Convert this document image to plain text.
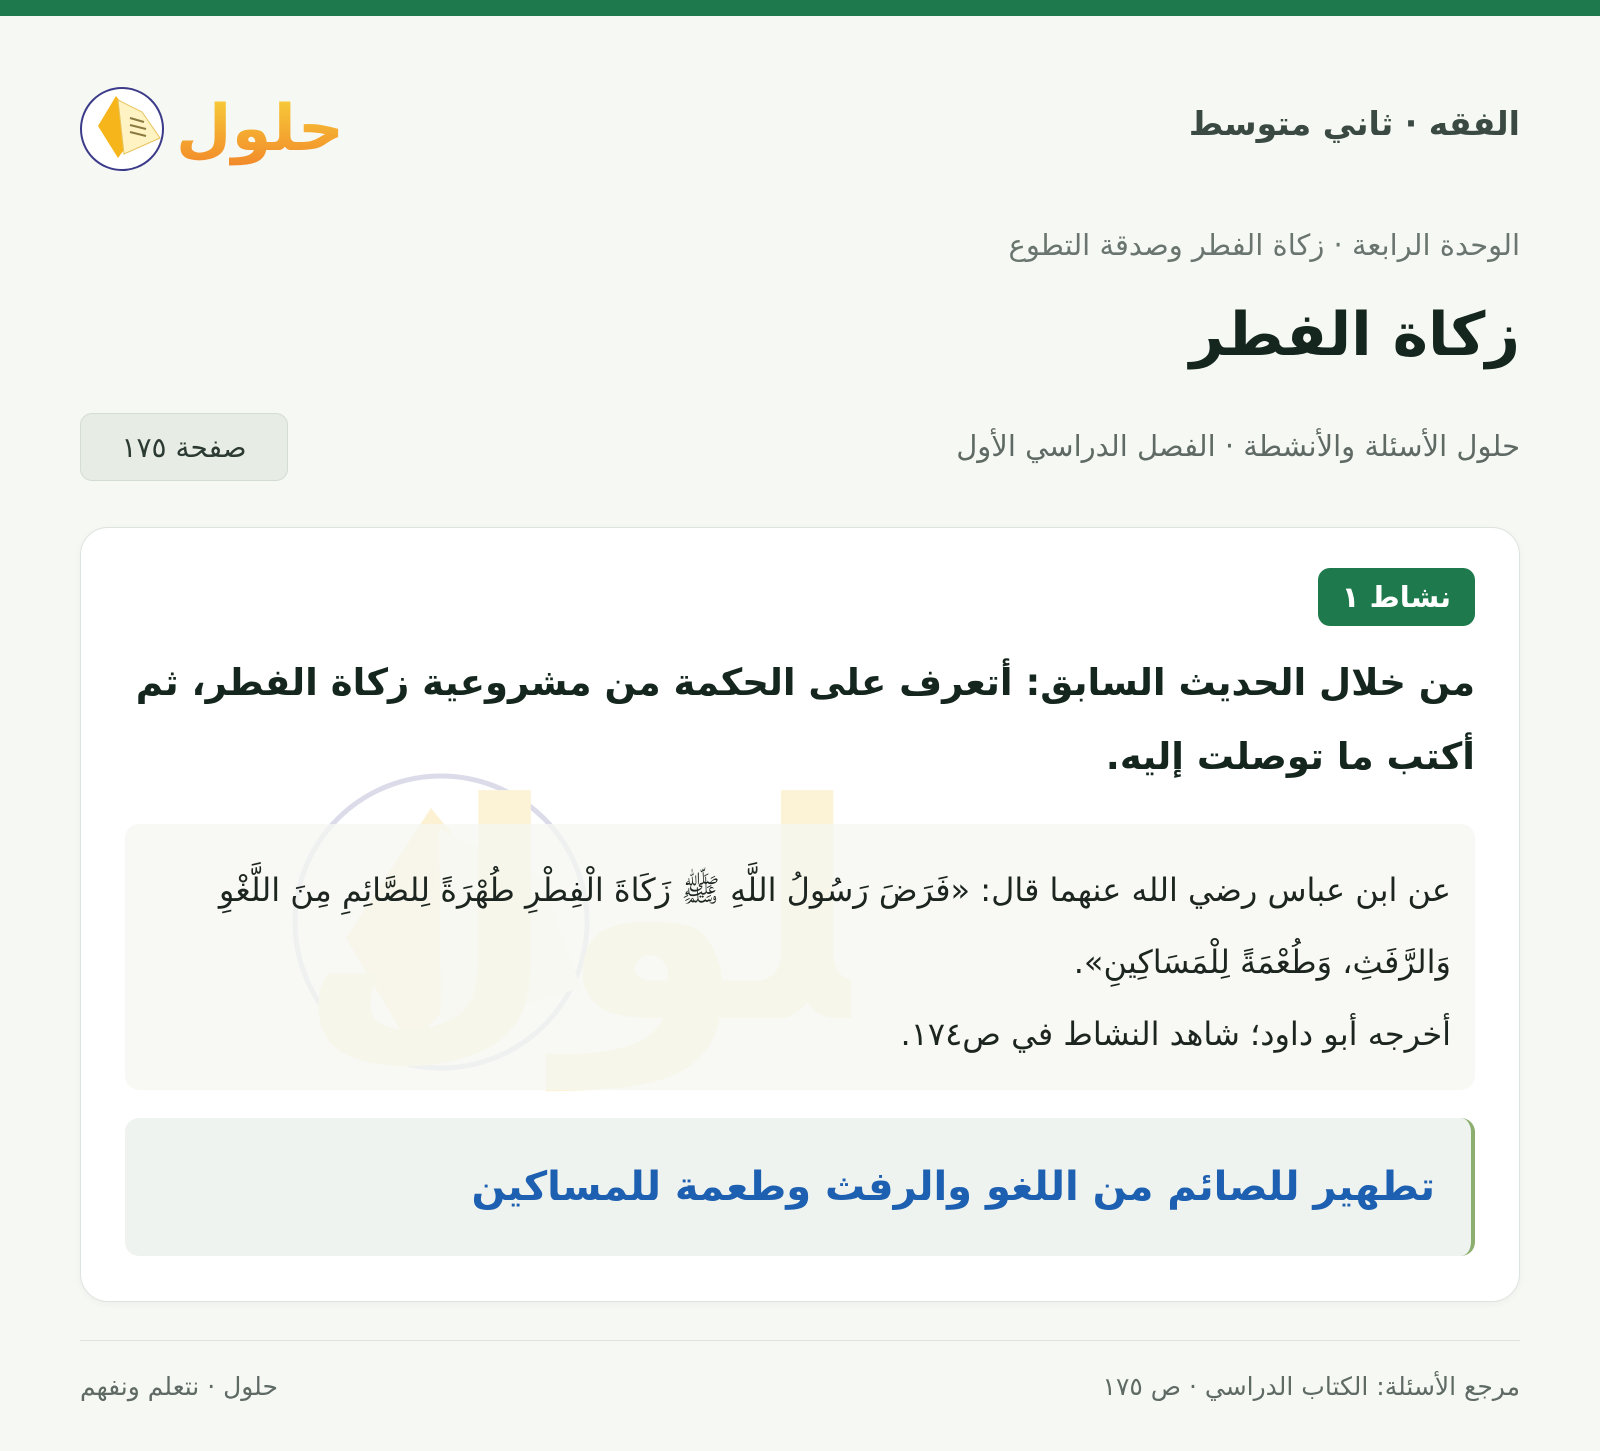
الفقه · ثاني متوسط
حلول
الوحدة الرابعة · زكاة الفطر وصدقة التطوع
زكاة الفطر
حلول الأسئلة والأنشطة · الفصل الدراسي الأول
صفحة ١٧٥
نشاط ١
من خلال الحديث السابق: أتعرف على الحكمة من مشروعية زكاة الفطر، ثم أكتب ما توصلت إليه.

عن ابن عباس رضي الله عنهما قال: «فَرَضَ رَسُولُ اللَّهِ ﷺ زَكَاةَ الْفِطْرِ طُهْرَةً لِلصَّائِمِ مِنَ اللَّغْوِ وَالرَّفَثِ، وَطُعْمَةً لِلْمَسَاكِينِ».

أخرجه أبو داود؛ شاهد النشاط في ص١٧٤.

تطهير للصائم من اللغو والرفث وطعمة للمساكين
مرجع الأسئلة: الكتاب الدراسي · ص ١٧٥
حلول · نتعلم ونفهم
